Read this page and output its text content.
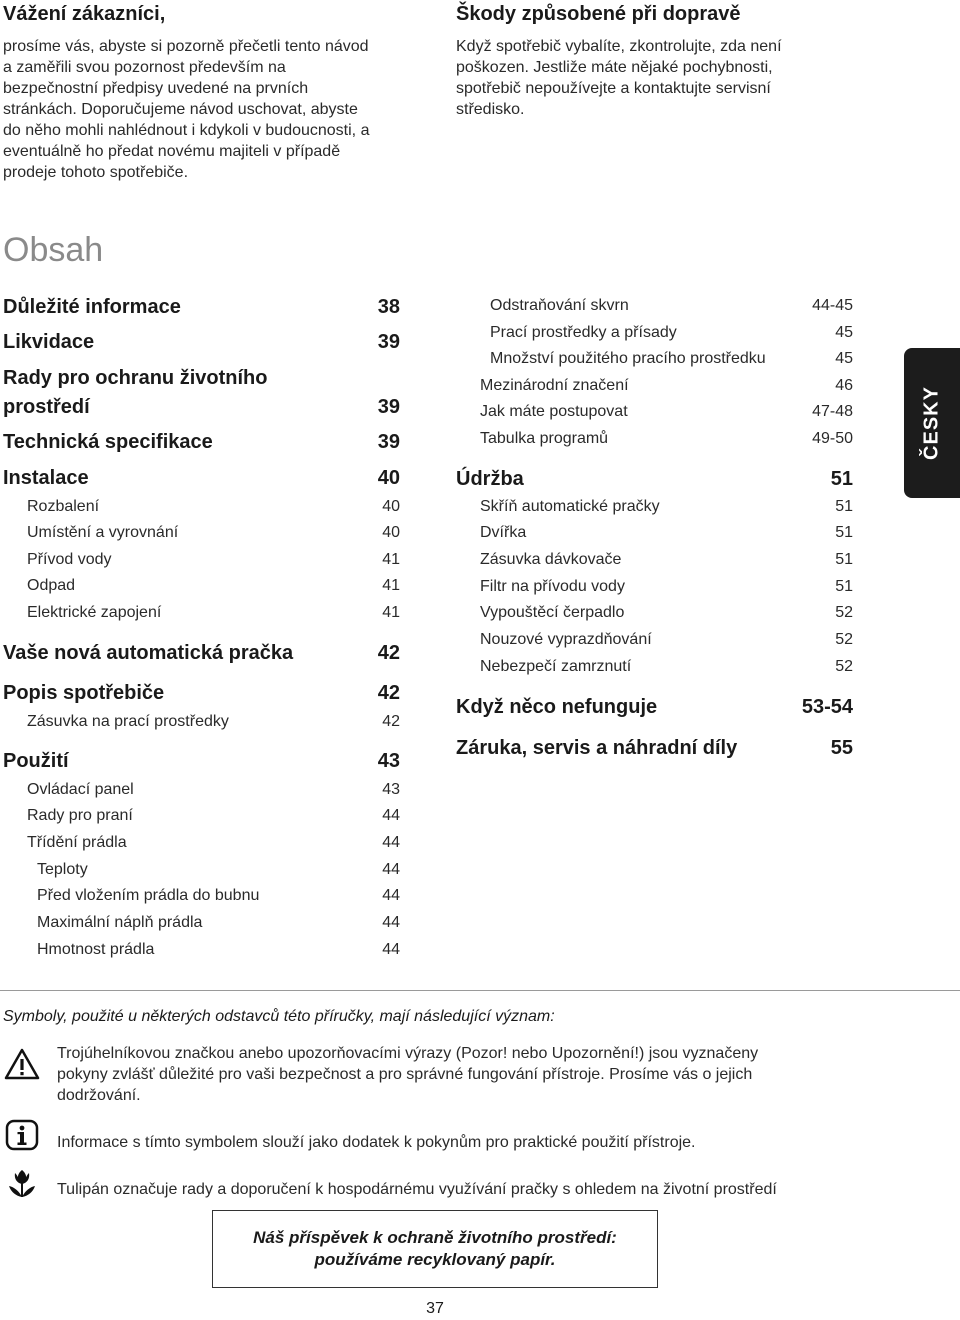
Vážení zákazníci,
prosíme vás, abyste si pozorně přečetli tento návod
a zaměřili svou pozornost především na
bezpečnostní předpisy uvedené na prvních
stránkách. Doporučujeme návod uschovat, abyste
do něho mohli nahlédnout i kdykoli v budoucnosti, a
eventuálně ho předat novému majiteli v případě
prodeje tohoto spotřebiče.
Škody způsobené při dopravě
Když spotřebič vybalíte, zkontrolujte, zda není
poškozen. Jestliže máte nějaké pochybnosti,
spotřebič nepoužívejte a kontaktujte servisní
středisko.
Obsah
Důležité informace	38
Likvidace	39
Rady pro ochranu životního
prostředí	39
Technická specifikace	39
Instalace	40
Rozbalení	40
Umístění a vyrovnání	40
Přívod vody	41
Odpad	41
Elektrické zapojení	41
Vaše nová automatická pračka	42
Popis spotřebiče	42
Zásuvka na prací prostředky	42
Použití	43
Ovládací panel	43
Rady pro praní	44
Třídění prádla	44
Teploty	44
Před vložením prádla do bubnu	44
Maximální náplň prádla	44
Hmotnost prádla	44
Odstraňování skvrn	44-45
Prací prostředky a přísady	45
Množství použitého pracího prostředku	45
Mezinárodní značení	46
Jak máte postupovat	47-48
Tabulka programů	49-50
Údržba	51
Skříň automatické pračky	51
Dvířka	51
Zásuvka dávkovače	51
Filtr na přívodu vody	51
Vypouštěcí čerpadlo	52
Nouzové vyprazdňování	52
Nebezpečí zamrznutí	52
Když něco nefunguje	53-54
Záruka, servis a náhradní díly	55
ČESKY
Symboly, použité u některých odstavců této příručky, mají následující význam:
Trojúhelníkovou značkou anebo upozorňovacími výrazy (Pozor! nebo Upozornění!) jsou vyznačeny
pokyny zvlášť důležité pro vaši bezpečnost a pro správné fungování přístroje. Prosíme vás o jejich
dodržování.
Informace s tímto symbolem slouží jako dodatek k pokynům pro praktické použití přístroje.
Tulipán označuje rady a doporučení k hospodárnému využívání pračky s ohledem na životní prostředí
Náš příspěvek k ochraně životního prostředí:
používáme recyklovaný papír.
37
